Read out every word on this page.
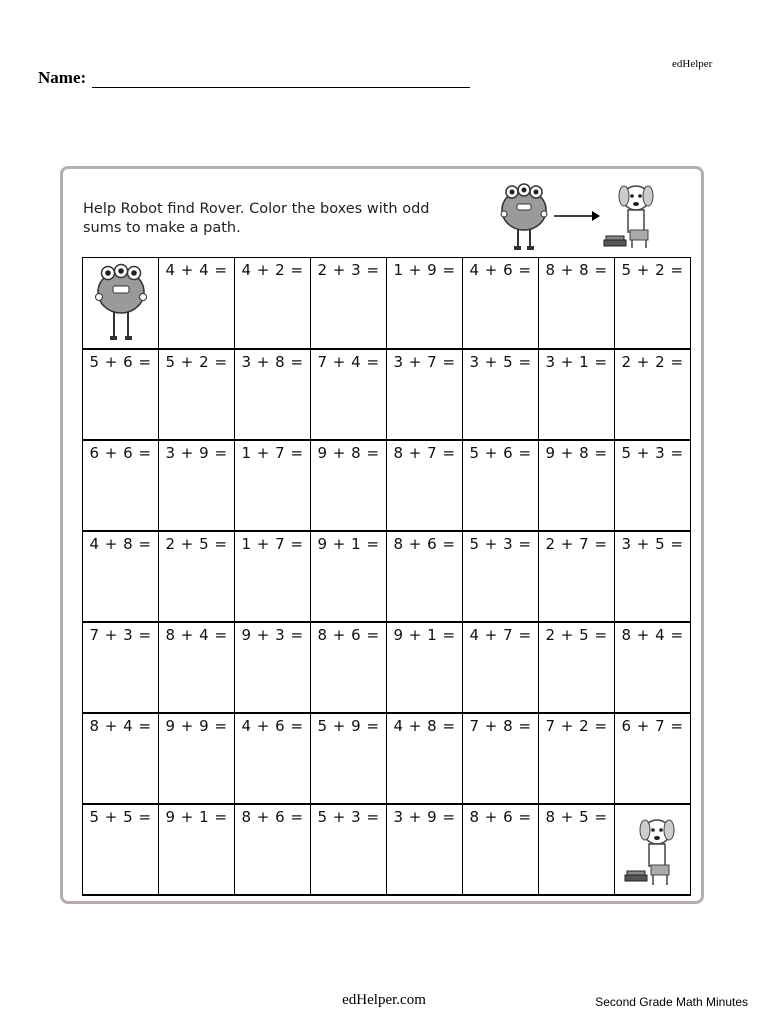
edHelper
Name:
Help Robot find Rover. Color the boxes with odd sums to make a path.

4 + 4 =	4 + 2 =	2 + 3 =	1 + 9 =	4 + 6 =	8 + 8 =	5 + 2 =

5 + 6 =	5 + 2 =	3 + 8 =	7 + 4 =	3 + 7 =	3 + 5 =	3 + 1 =	2 + 2 =

6 + 6 =	3 + 9 =	1 + 7 =	9 + 8 =	8 + 7 =	5 + 6 =	9 + 8 =	5 + 3 =

4 + 8 =	2 + 5 =	1 + 7 =	9 + 1 =	8 + 6 =	5 + 3 =	2 + 7 =	3 + 5 =

7 + 3 =	8 + 4 =	9 + 3 =	8 + 6 =	9 + 1 =	4 + 7 =	2 + 5 =	8 + 4 =

8 + 4 =	9 + 9 =	4 + 6 =	5 + 9 =	4 + 8 =	7 + 8 =	7 + 2 =	6 + 7 =

5 + 5 =	9 + 1 =	8 + 6 =	5 + 3 =	3 + 9 =	8 + 6 =	8 + 5 =

edHelper.com	Second Grade Math Minutes
